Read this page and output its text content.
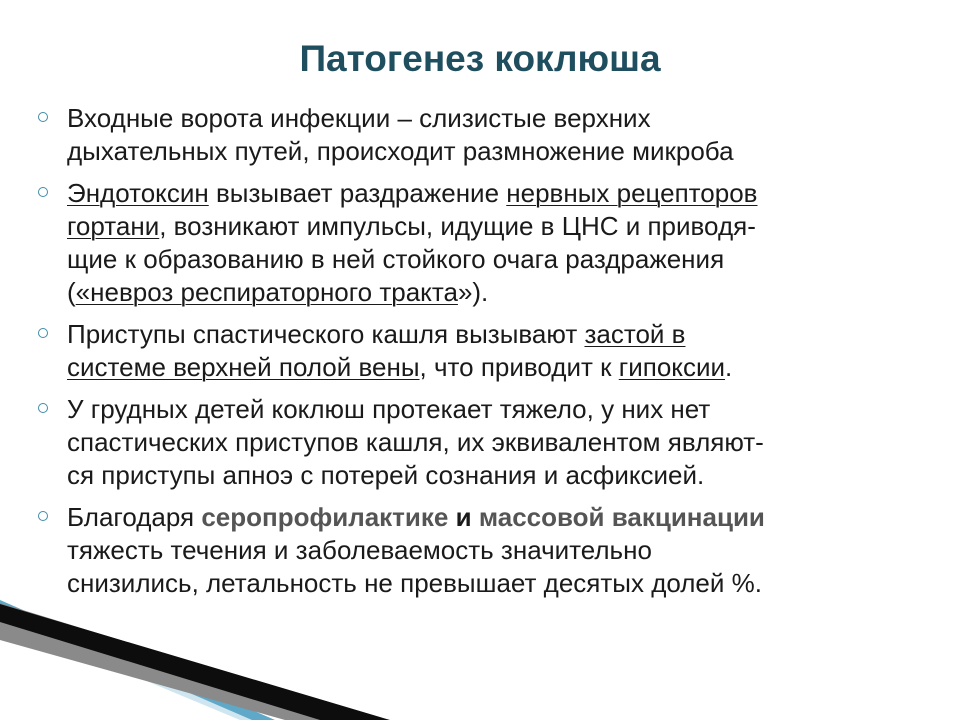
Патогенез коклюша
Входные ворота инфекции – слизистые верхних
дыхательных путей, происходит размножение микроба
Эндотоксин вызывает раздражение нервных рецепторов
гортани, возникают импульсы, идущие в ЦНС и приводя-
щие к образованию в ней стойкого очага раздражения
(«невроз респираторного тракта»).
Приступы спастического кашля вызывают застой в
системе верхней полой вены, что приводит к гипоксии.
У грудных детей коклюш протекает тяжело, у них нет
спастических приступов кашля, их эквивалентом являют-
ся приступы апноэ с потерей сознания и асфиксией.
Благодаря серопрофилактике и массовой вакцинации
тяжесть течения и заболеваемость значительно
снизились, летальность не превышает десятых долей %.
